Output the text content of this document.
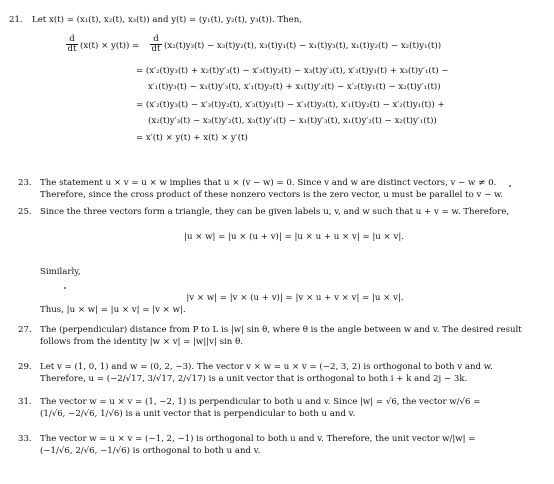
21. Let x(t) = (x₁(t), x₂(t), x₃(t)) and y(t) = (y₁(t), y₂(t), y₃(t)). Then,
$\frac{d}{dt} (x(t) \times y(t)) = \frac{d}{dt} (x_2(t)y_3(t) - x_3(t)y_2(t)$, x₃(t)y₁(t) − x₁(t)y₃(t), x₁(t)y₂(t) − x₂(t)y₁(t))
= (x′₂(t)y₃(t) + x₂(t)y′₃(t) − x′₃(t)y₂(t) − x₃(t)y′₂(t), x′₃(t)y₁(t) + x₃(t)y′₁(t) −
x′₁(t)y₃(t) − x₁(t)y′₃(t), x′₁(t)y₂(t) + x₁(t)y′₂(t) − x′₂(t)y₁(t) − x₂(t)y′₁(t))
= (x′₂(t)y₃(t) − x′₃(t)y₂(t), x′₃(t)y₁(t) − x′₁(t)y₃(t), x′₁(t)y₂(t) − x′₂(t)y₁(t)) +
(x₂(t)y′₃(t) − x₃(t)y′₂(t), x₃(t)y′₁(t) − x₁(t)y′₃(t), x₁(t)y′₂(t) − x₂(t)y′₁(t))
= x′(t) × y(t) + x(t) × y′(t)
23. The statement u × v = u × w implies that u × (v − w) = 0. Since v and w are distinct vectors, v − w ≠ 0.
Therefore, since the cross product of these nonzero vectors is the zero vector, u must be parallel to v − w.
25. Since the three vectors form a triangle, they can be given labels u, v, and w such that u + v = w. Therefore,
|u × w| = |u × (u + v)| = |u × u + u × v| = |u × v|.
Similarly,
|v × w| = |v × (u + v)| = |v × u + v × v| = |u × v|.
Thus, |u × w| = |u × v| = |v × w|.
27. The (perpendicular) distance from P to L is |w| sin θ, where θ is the angle between w and v. The desired result
follows from the identity |w × v| = |w||v| sin θ.
29. Let v = (1, 0, 1) and w = (0, 2, −3). The vector v × w = u × v = (−2, 3, 2) is orthogonal to both v and w.
Therefore, u = (−2/√17, 3/√17, 2/√17) is a unit vector that is orthogonal to both i + k and 2j − 3k.
31. The vector w = u × v = (1, −2, 1) is perpendicular to both u and v. Since |w| = √6, the vector w/√6 =
(1/√6, −2/√6, 1/√6) is a unit vector that is perpendicular to both u and v.
33. The vector w = u × v = (−1, 2, −1) is orthogonal to both u and v. Therefore, the unit vector w/|w| =
(−1/√6, 2/√6, −1/√6) is orthogonal to both u and v.
